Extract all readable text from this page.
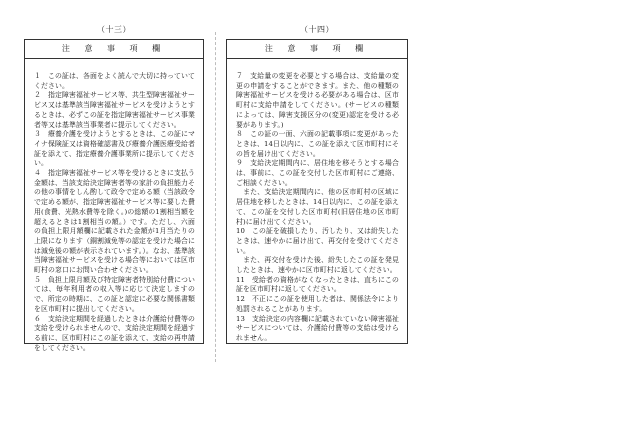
（十三）	（十四）
注 意 事 項 欄
１　この証は、各面をよく読んで大切に持っていてください。
２　指定障害福祉サービス等、共生型障害福祉サービス又は基準該当障害福祉サービスを受けようとするときは、必ずこの証を指定障害福祉サービス事業者等又は基準該当事業者に提示してください。
３　療養介護を受けようとするときは、この証にマイナ保険証又は資格確認書及び療養介護医療受給者証を添えて、指定療養介護事業所に提示してください。
４　指定障害福祉サービス等を受けるときに支払う金額は、当該支給決定障害者等の家計の負担能力その他の事情をしん酌して政令で定める額（当該政令で定める額が、指定障害福祉サービス等に要した費用(食費、光熱水費等を除く。)の総額の1割相当額を超えるときは1割相当の額。）です。ただし、六面の負担上限月額欄に記載された金額が1月当たりの上限になります（銅割減免等の認定を受けた場合には減免後の額が表示されています。）。なお、基準該当障害福祉サービスを受ける場合等においては区市町村の窓口にお問い合わせください。
５　負担上限月額及び特定障害者特別給付費については、毎年利用者の収入等に応じて決定しますので、所定の時期に、この証と認定に必要な関係書類を区市町村に提出してください。
６　支給決定期間を経過したときは介護給付費等の支給を受けられませんので、支給決定期間を経過する前に、区市町村にこの証を添えて、支給の再申請をしてください。
注 意 事 項 欄
７　支給量の変更を必要とする場合は、支給量の変更の申請をすることができます。また、他の種類の障害福祉サービスを受ける必要がある場合は、区市町村に支給申請をしてください。(サービスの種類によっては、障害支援区分の(変更)認定を受ける必要があります。)
８　この証の一面、六面の記載事項に変更があったときは、14日以内に、この証を添えて区市町村にその旨を届け出てください。
９　支給決定期間内に、居住地を移そうとする場合は、事前に、この証を交付した区市町村にご連絡、ご相談ください。
　また、支給決定期間内に、他の区市町村の区域に居住地を移したときは、14日以内に、この証を添えて、この証を交付した区市町村(旧居住地の区市町村)に届け出てください。
10　この証を破損したり、汚したり、又は紛失したときは、速やかに届け出て、再交付を受けてください。
　また、再交付を受けた後、紛失したこの証を発見したときは、速やかに区市町村に返してください。
11　受給者の資格がなくなったときは、直ちにこの証を区市町村に返してください。
12　不正にこの証を使用した者は、関係法令により処罰されることがあります。
13　支給決定の内容欄に記載されていない障害福祉サービスについては、介護給付費等の支給は受けられません。
